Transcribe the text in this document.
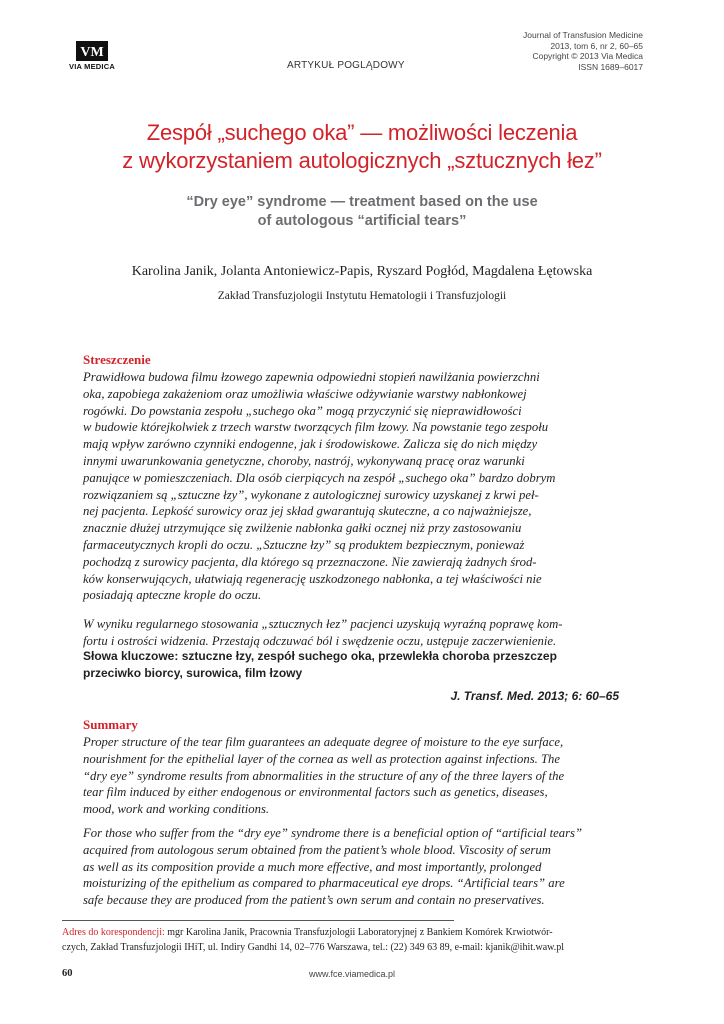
VM
VIA MEDICA	ARTYKUŁ POGLĄDOWY
Journal of Transfusion Medicine
2013, tom 6, nr 2, 60–65
Copyright © 2013 Via Medica
ISSN 1689–6017
Zespół „suchego oka” — możliwości leczenia
z wykorzystaniem autologicznych „sztucznych łez”
“Dry eye” syndrome — treatment based on the use
of autologous “artificial tears”
Karolina Janik, Jolanta Antoniewicz-Papis, Ryszard Pogłód, Magdalena Łętowska
Zakład Transfuzjologii Instytutu Hematologii i Transfuzjologii
Streszczenie
Prawidłowa budowa filmu łzowego zapewnia odpowiedni stopień nawilżania powierzchni
oka, zapobiega zakażeniom oraz umożliwia właściwe odżywianie warstwy nabłonkowej
rogówki. Do powstania zespołu „suchego oka” mogą przyczynić się nieprawidłowości
w budowie którejkolwiek z trzech warstw tworzących film łzowy. Na powstanie tego zespołu
mają wpływ zarówno czynniki endogenne, jak i środowiskowe. Zalicza się do nich między
innymi uwarunkowania genetyczne, choroby, nastrój, wykonywaną pracę oraz warunki
panujące w pomieszczeniach. Dla osób cierpiących na zespół „suchego oka” bardzo dobrym
rozwiązaniem są „sztuczne łzy”, wykonane z autologicznej surowicy uzyskanej z krwi peł-
nej pacjenta. Lepkość surowicy oraz jej skład gwarantują skuteczne, a co najważniejsze,
znacznie dłużej utrzymujące się zwilżenie nabłonka gałki ocznej niż przy zastosowaniu
farmaceutycznych kropli do oczu. „Sztuczne łzy” są produktem bezpiecznym, ponieważ
pochodzą z surowicy pacjenta, dla którego są przeznaczone. Nie zawierają żadnych środ-
ków konserwujących, ułatwiają regenerację uszkodzonego nabłonka, a tej właściwości nie
posiadają apteczne krople do oczu.
W wyniku regularnego stosowania „sztucznych łez” pacjenci uzyskują wyraźną poprawę kom-
fortu i ostrości widzenia. Przestają odczuwać ból i swędzenie oczu, ustępuje zaczerwienienie.
Słowa kluczowe: sztuczne łzy, zespół suchego oka, przewlekła choroba przeszczep
przeciwko biorcy, surowica, film łzowy
J. Transf. Med. 2013; 6: 60–65
Summary
Proper structure of the tear film guarantees an adequate degree of moisture to the eye surface,
nourishment for the epithelial layer of the cornea as well as protection against infections. The
“dry eye” syndrome results from abnormalities in the structure of any of the three layers of the
tear film induced by either endogenous or environmental factors such as genetics, diseases,
mood, work and working conditions.
For those who suffer from the “dry eye” syndrome there is a beneficial option of “artificial tears”
acquired from autologous serum obtained from the patient’s whole blood. Viscosity of serum
as well as its composition provide a much more effective, and most importantly, prolonged
moisturizing of the epithelium as compared to pharmaceutical eye drops. “Artificial tears” are
safe because they are produced from the patient’s own serum and contain no preservatives.
Adres do korespondencji: mgr Karolina Janik, Pracownia Transfuzjologii Laboratoryjnej z Bankiem Komórek Krwiotwór-
czych, Zakład Transfuzjologii IHiT, ul. Indiry Gandhi 14, 02–776 Warszawa, tel.: (22) 349 63 89, e-mail: kjanik@ihit.waw.pl
60	www.fce.viamedica.pl
